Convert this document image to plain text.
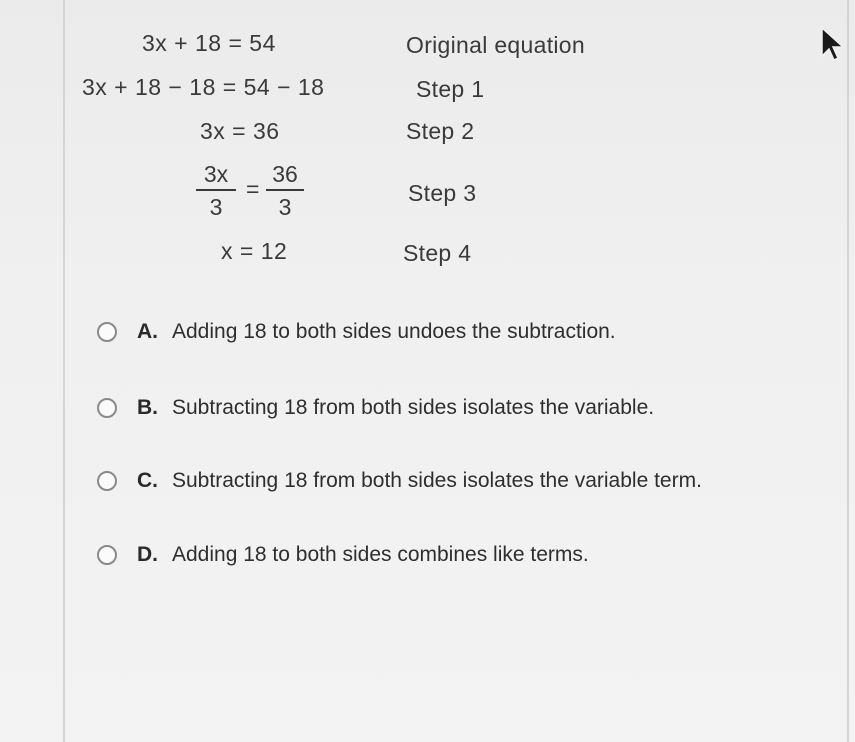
3x + 18 = 54
3x + 18 − 18 = 54 − 18
3x = 36
3x
3
=
36
3
x = 12
Original equation
Step 1
Step 2
Step 3
Step 4
A. Adding 18 to both sides undoes the subtraction.
B. Subtracting 18 from both sides isolates the variable.
C. Subtracting 18 from both sides isolates the variable term.
D. Adding 18 to both sides combines like terms.
